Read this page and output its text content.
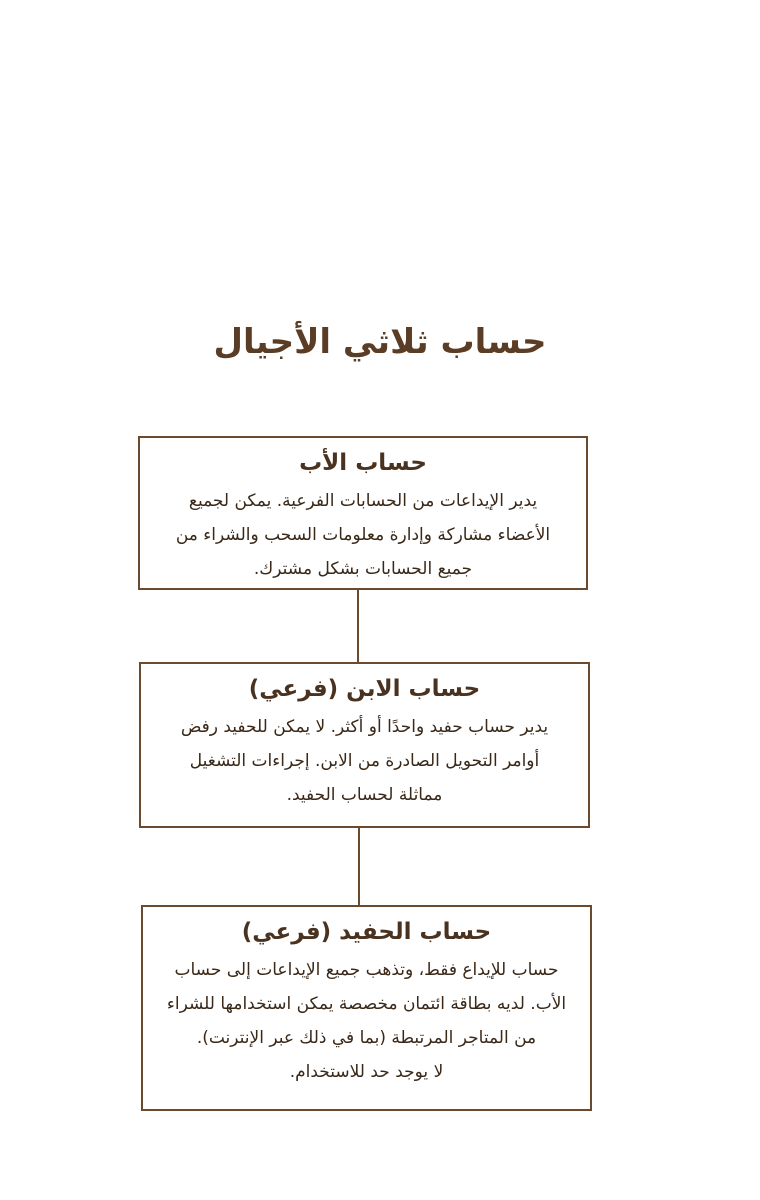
حساب ثلاثي الأجيال
حساب الأب

يدير الإيداعات من الحسابات الفرعية. يمكن لجميع
الأعضاء مشاركة وإدارة معلومات السحب والشراء من
جميع الحسابات بشكل مشترك.

حساب الابن (فرعي)

يدير حساب حفيد واحدًا أو أكثر. لا يمكن للحفيد رفض
أوامر التحويل الصادرة من الابن. إجراءات التشغيل
مماثلة لحساب الحفيد.

حساب الحفيد (فرعي)

حساب للإيداع فقط، وتذهب جميع الإيداعات إلى حساب
الأب. لديه بطاقة ائتمان مخصصة يمكن استخدامها للشراء
من المتاجر المرتبطة (بما في ذلك عبر الإنترنت).
لا يوجد حد للاستخدام.
